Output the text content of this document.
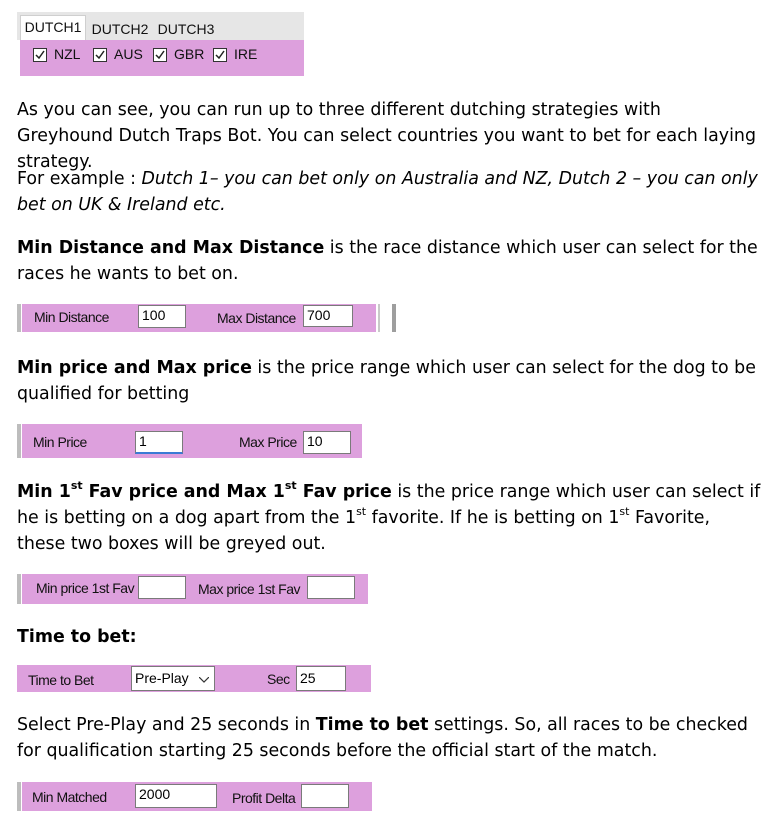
DUTCH1 DUTCH2 DUTCH3
NZL AUS GBR IRE

As you can see, you can run up to three different dutching strategies with Greyhound Dutch Traps Bot. You can select countries you want to bet for each laying strategy.

For example : Dutch 1– you can bet only on Australia and NZ, Dutch 2 – you can only bet on UK & Ireland etc.

Min Distance and Max Distance is the race distance which user can select for the races he wants to bet on.

Min Distance 100	Max Distance 700

Min price and Max price is the price range which user can select for the dog to be qualified for betting

Min Price	1	Max Price 10

Min 1st Fav price and Max 1st Fav price is the price range which user can select if he is betting on a dog apart from the 1st favorite. If he is betting on 1st Favorite, these two boxes will be greyed out.

Min price 1st Fav	Max price 1st Fav

Time to bet:

Time to Bet	Pre-Play	Sec 25

Select Pre-Play and 25 seconds in Time to bet settings. So, all races to be checked for qualification starting 25 seconds before the official start of the match.

Min Matched 2000	Profit Delta
